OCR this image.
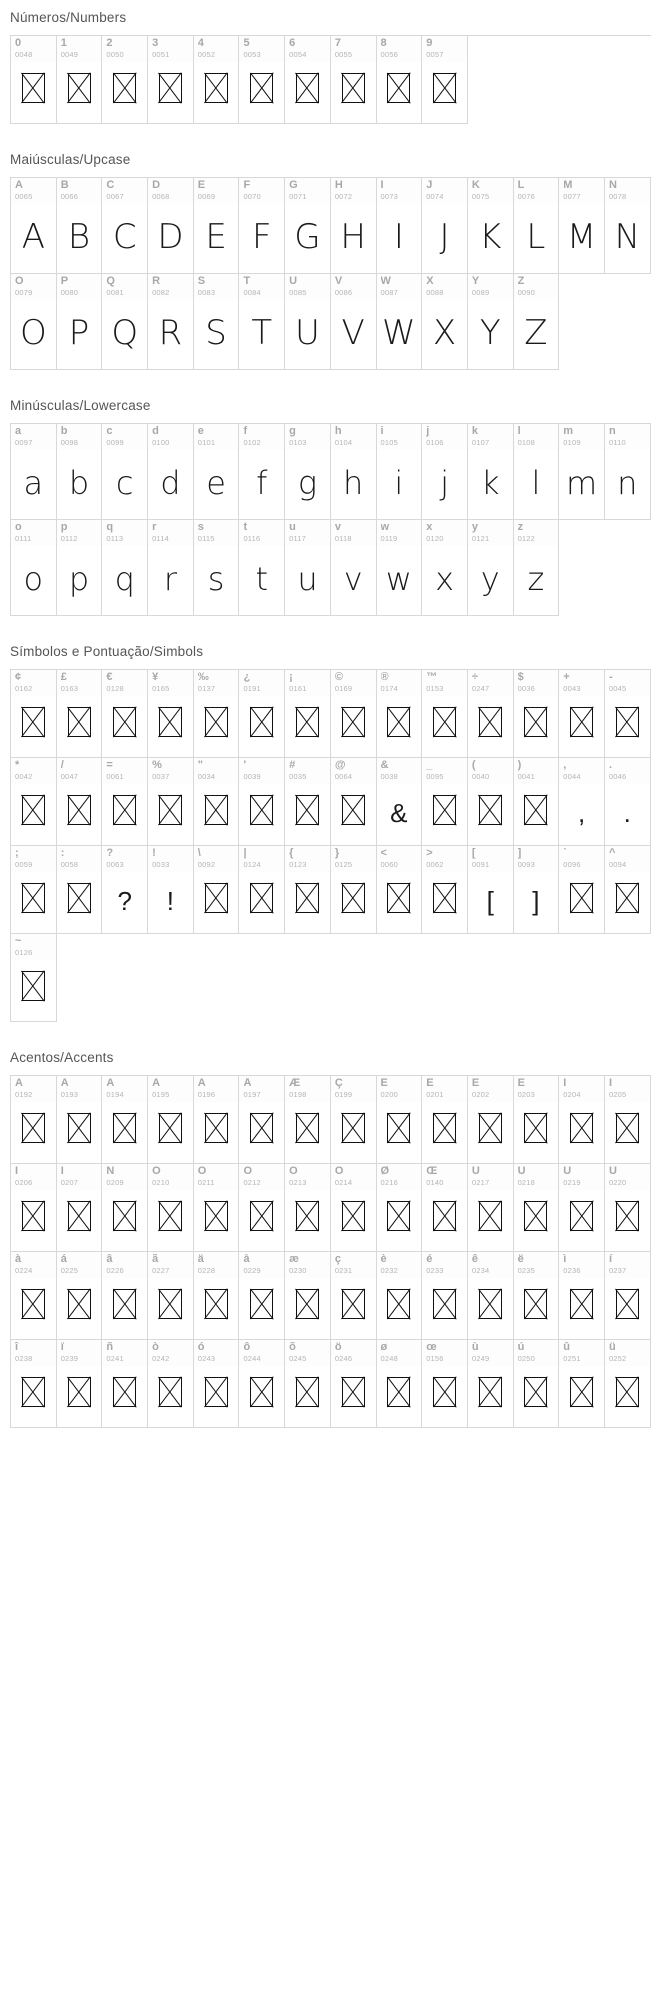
Números/Numbers
0
0048
1
0049
2
0050
3
0051
4
0052
5
0053
6
0054
7
0055
8
0056
9
0057
Maiúsculas/Upcase
A
0065
A
B
0066
B
C
0067
C
D
0068
D
E
0069
E
F
0070
F
G
0071
G
H
0072
H
I
0073
I
J
0074
J
K
0075
K
L
0076
L
M
0077
M
N
0078
N
O
0079
O
P
0080
P
Q
0081
Q
R
0082
R
S
0083
S
T
0084
T
U
0085
U
V
0086
V
W
0087
W
X
0088
X
Y
0089
Y
Z
0090
Z
Minúsculas/Lowercase
a
0097
a
b
0098
b
c
0099
c
d
0100
d
e
0101
e
f
0102
f
g
0103
g
h
0104
h
i
0105
i
j
0106
j
k
0107
k
l
0108
l
m
0109
m
n
0110
n
o
0111
o
p
0112
p
q
0113
q
r
0114
r
s
0115
s
t
0116
t
u
0117
u
v
0118
v
w
0119
w
x
0120
x
y
0121
y
z
0122
z
Símbolos e Pontuação/Simbols
¢
0162
£
0163
€
0128
¥
0165
‰
0137
¿
0191
¡
0161
©
0169
®
0174
™
0153
÷
0247
$
0036
+
0043
-
0045
*
0042
/
0047
=
0061
%
0037
"
0034
'
0039
#
0035
@
0064
&
0038
&
_
0095
(
0040
)
0041
,
0044
,
.
0046
.
;
0059
:
0058
?
0063
?
!
0033
!
\
0092
|
0124
{
0123
}
0125
<
0060
>
0062
[
0091
[
]
0093
]
`
0096
^
0094
~
0126
Acentos/Accents
À
0192
Á
0193
Â
0194
Ã
0195
Ä
0196
Å
0197
Æ
0198
Ç
0199
È
0200
É
0201
Ê
0202
Ë
0203
Ì
0204
Í
0205
Î
0206
Ï
0207
Ñ
0209
Ò
0210
Ó
0211
Ô
0212
Õ
0213
Ö
0214
Ø
0216
Œ
0140
Ù
0217
Ú
0218
Û
0219
Ü
0220
à
0224
á
0225
â
0226
ã
0227
ä
0228
å
0229
æ
0230
ç
0231
è
0232
é
0233
ê
0234
ë
0235
ì
0236
í
0237
î
0238
ï
0239
ñ
0241
ò
0242
ó
0243
ô
0244
õ
0245
ö
0246
ø
0248
œ
0156
ù
0249
ú
0250
û
0251
ü
0252
